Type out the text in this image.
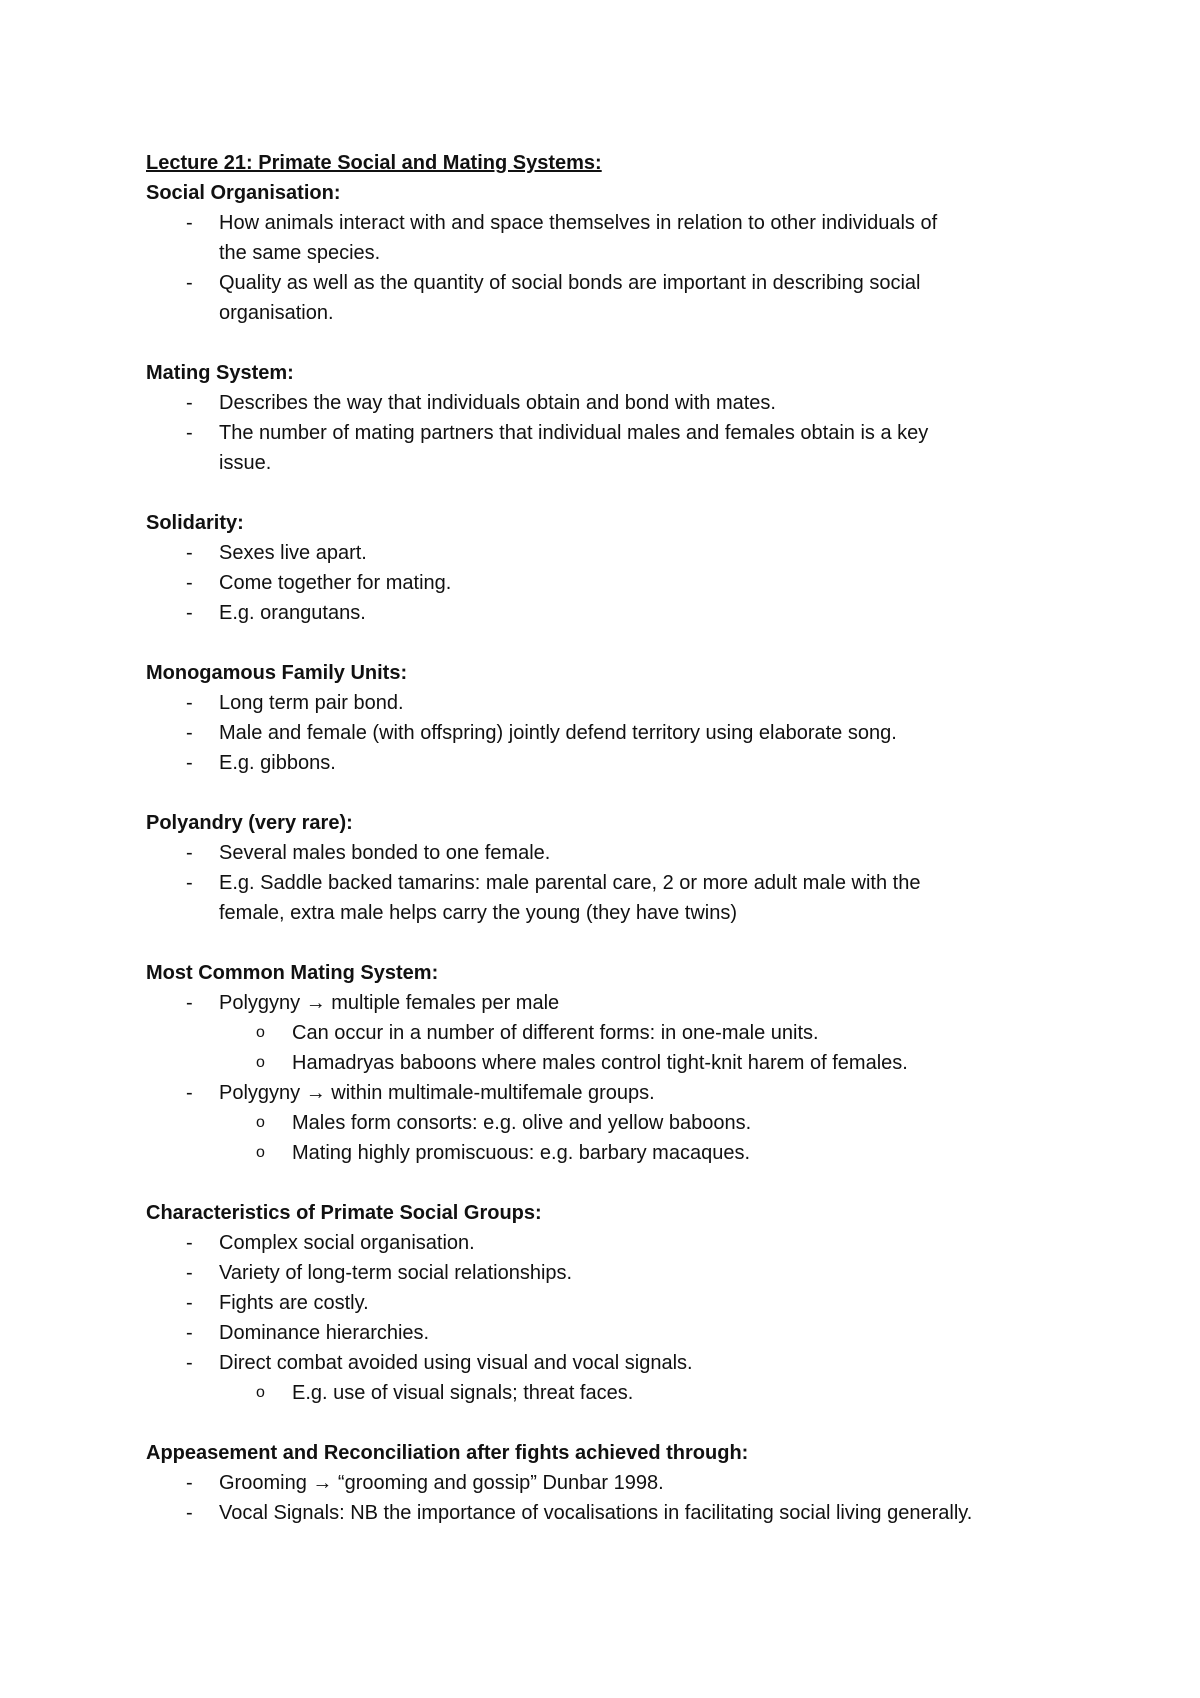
Lecture 21: Primate Social and Mating Systems:
Social Organisation:
- How animals interact with and space themselves in relation to other individuals of
the same species.
- Quality as well as the quantity of social bonds are important in describing social
organisation.
Mating System:
- Describes the way that individuals obtain and bond with mates.
- The number of mating partners that individual males and females obtain is a key
issue.
Solidarity:
- Sexes live apart.
- Come together for mating.
- E.g. orangutans.
Monogamous Family Units:
- Long term pair bond.
- Male and female (with offspring) jointly defend territory using elaborate song.
- E.g. gibbons.
Polyandry (very rare):
- Several males bonded to one female.
- E.g. Saddle backed tamarins: male parental care, 2 or more adult male with the
female, extra male helps carry the young (they have twins)
Most Common Mating System:
- Polygyny → multiple females per male
o Can occur in a number of different forms: in one-male units.
o Hamadryas baboons where males control tight-knit harem of females.
- Polygyny → within multimale-multifemale groups.
o Males form consorts: e.g. olive and yellow baboons.
o Mating highly promiscuous: e.g. barbary macaques.
Characteristics of Primate Social Groups:
- Complex social organisation.
- Variety of long-term social relationships.
- Fights are costly.
- Dominance hierarchies.
- Direct combat avoided using visual and vocal signals.
o E.g. use of visual signals; threat faces.
Appeasement and Reconciliation after fights achieved through:
- Grooming → “grooming and gossip” Dunbar 1998.
- Vocal Signals: NB the importance of vocalisations in facilitating social living generally.
